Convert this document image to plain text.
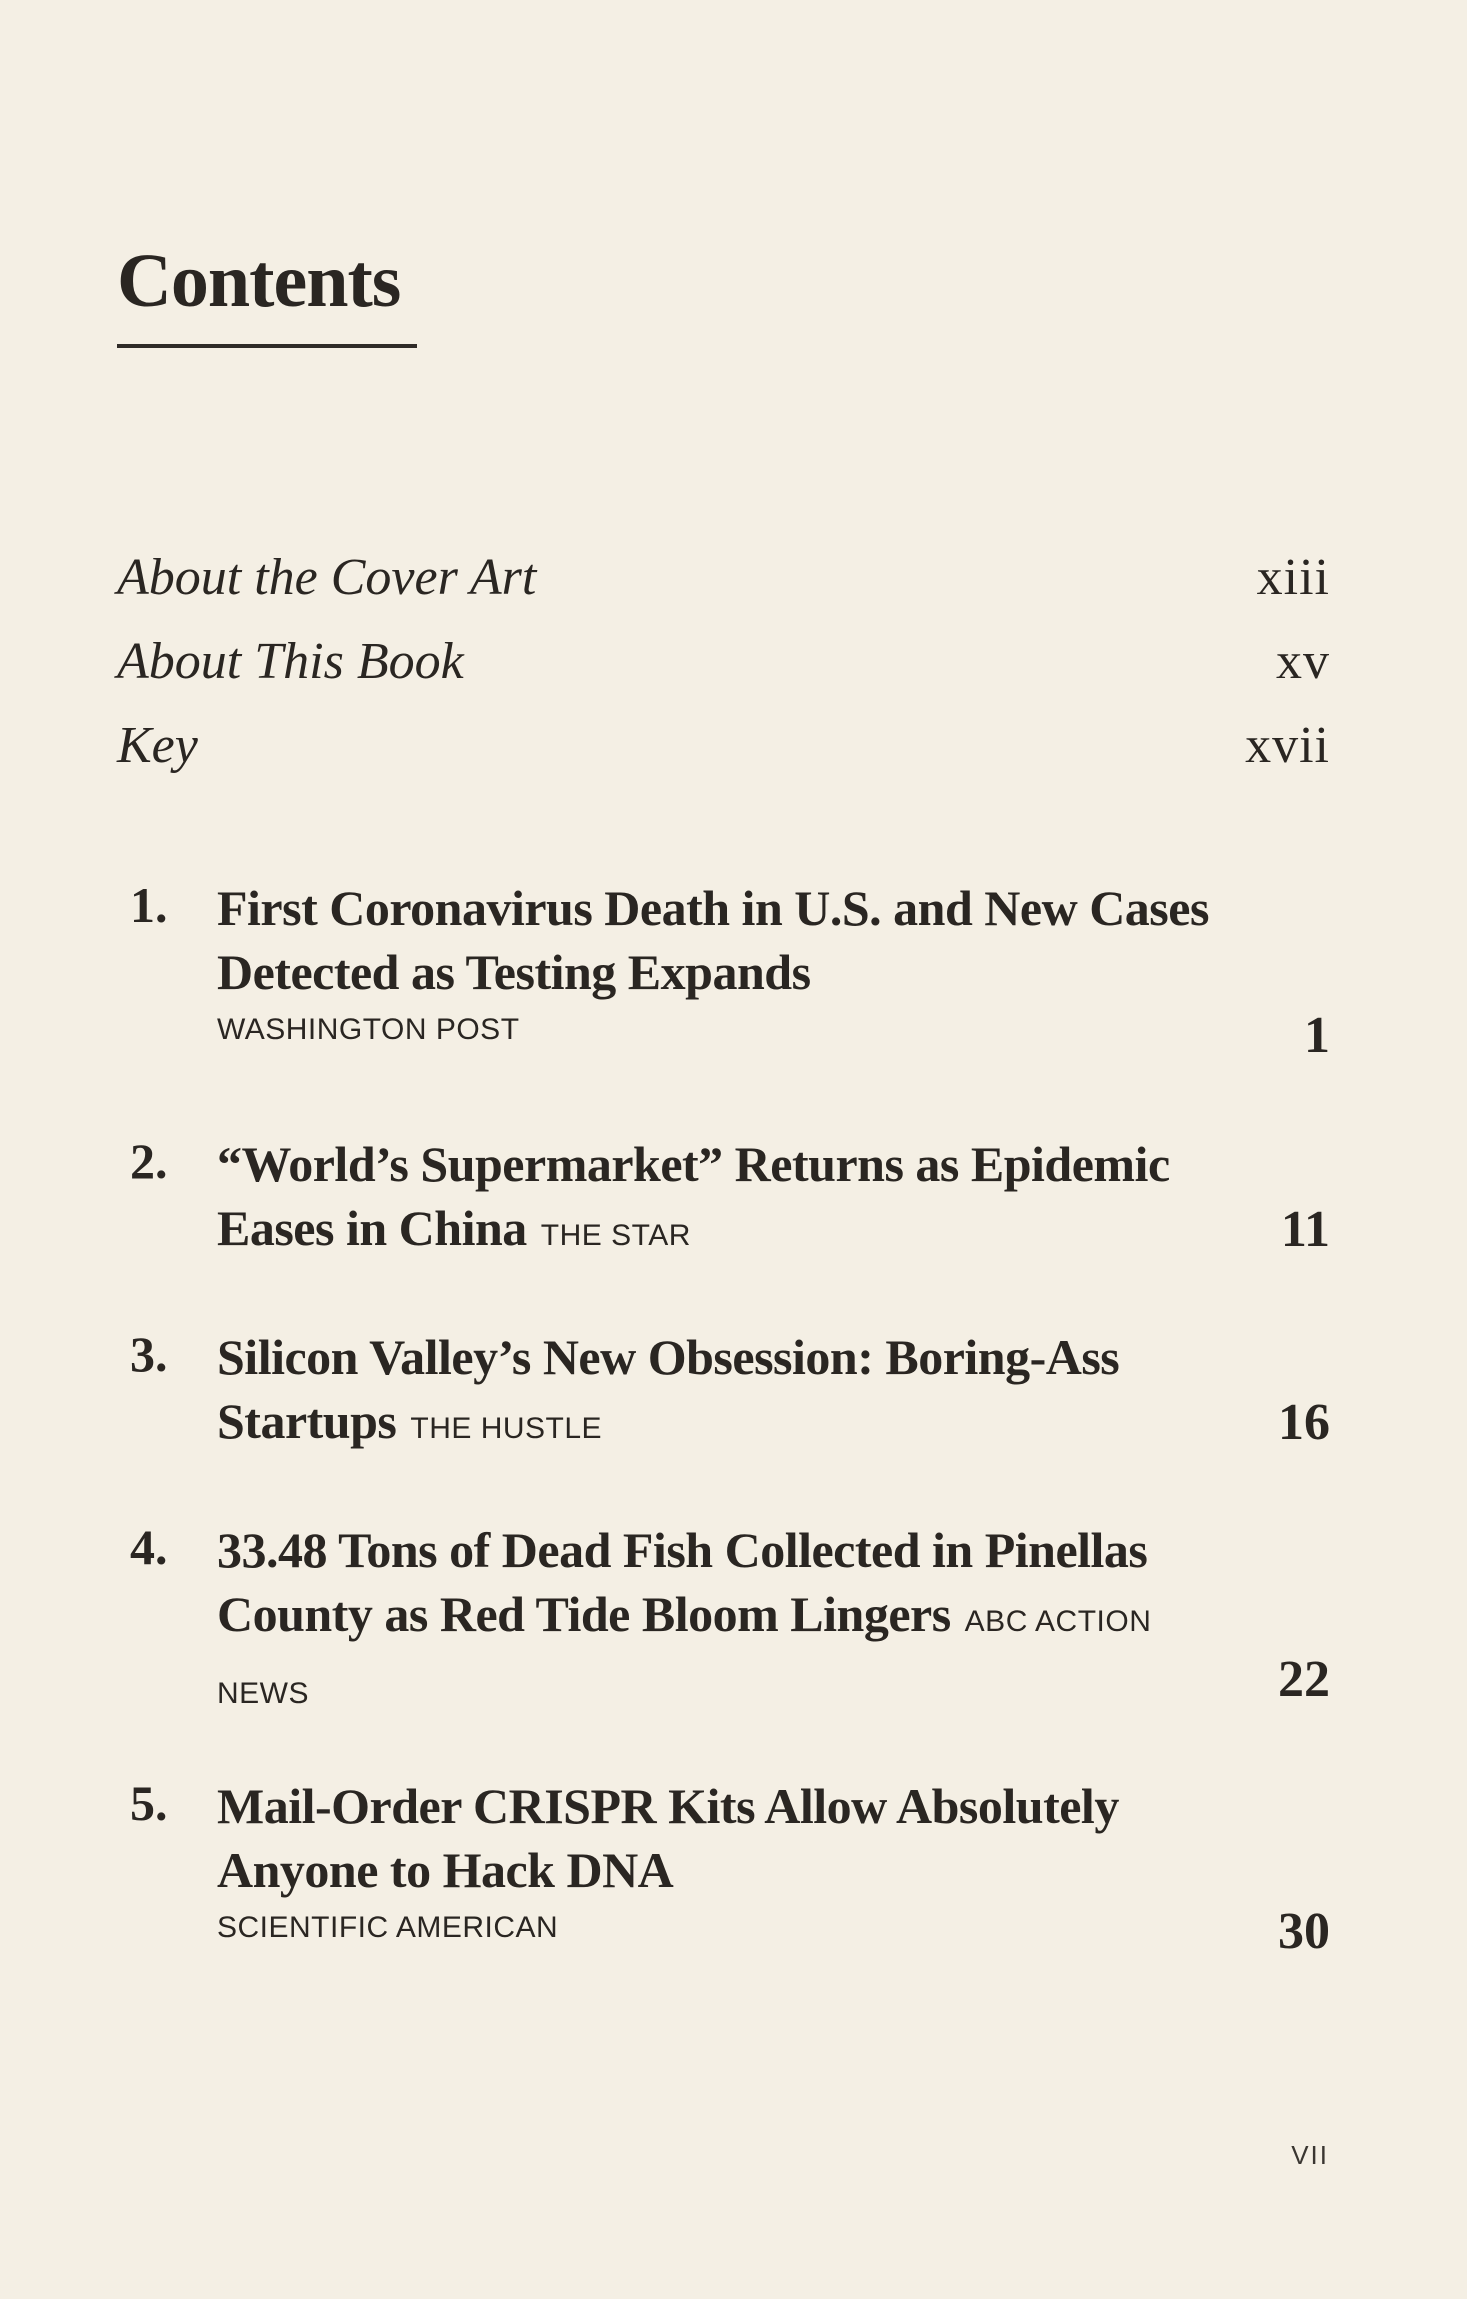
Contents
About the Cover Art	xiii
About This Book	xv
Key	xvii
1. First Coronavirus Death in U.S. and New Cases Detected as Testing Expands
WASHINGTON POST	1
2. “World’s Supermarket” Returns as Epidemic Eases in China THE STAR	11
3. Silicon Valley’s New Obsession: Boring-Ass Startups THE HUSTLE	16
4. 33.48 Tons of Dead Fish Collected in Pinellas County as Red Tide Bloom Lingers ABC ACTION NEWS	22
5. Mail-Order CRISPR Kits Allow Absolutely Anyone to Hack DNA
SCIENTIFIC AMERICAN	30
VII
